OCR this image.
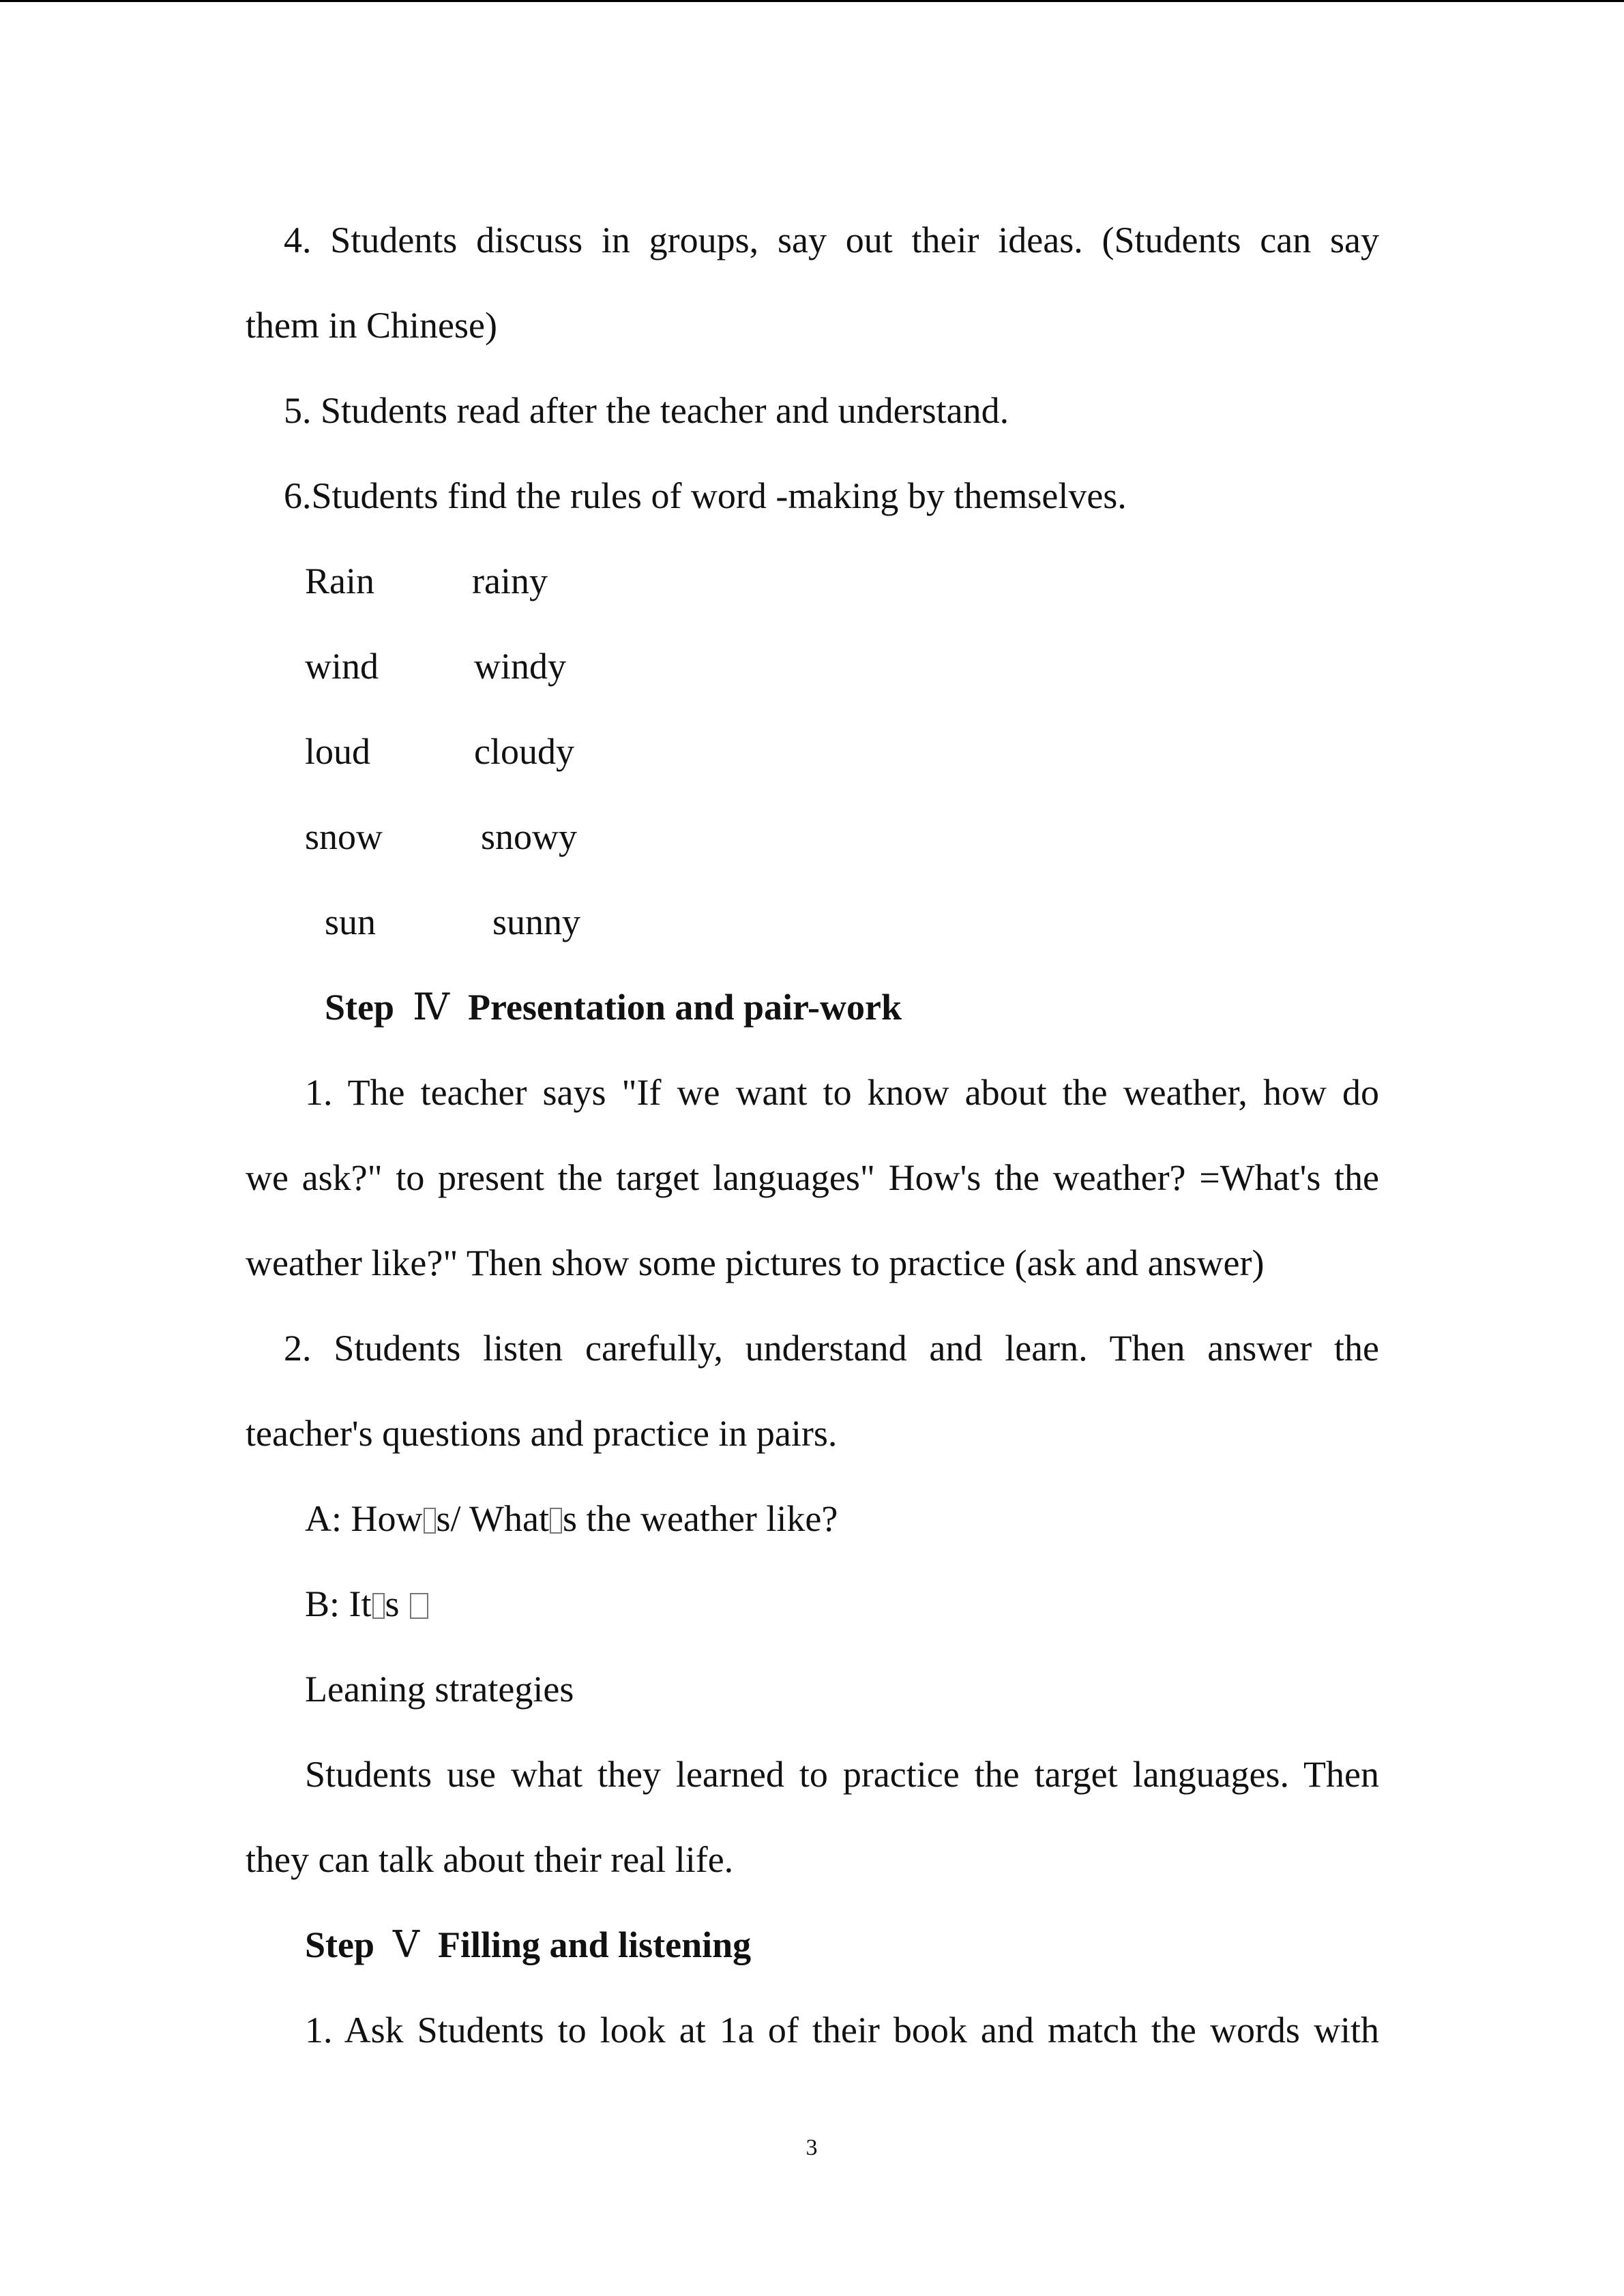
4. Students discuss in groups, say out their ideas. (Students can say
them in Chinese)
5. Students read after the teacher and understand.
6.Students find the rules of word -making by themselves.
Rain	rainy
wind	windy
loud	cloudy
snow	snowy
sun	sunny
Step Ⅳ Presentation and pair-work
1. The teacher says "If we want to know about the weather, how do
we ask?" to present the target languages" How's the weather? =What's the
weather like?" Then show some pictures to practice (ask and answer)
2. Students listen carefully, understand and learn. Then answer the
teacher's questions and practice in pairs.
A: How s/ What s the weather like?
B: It s
Leaning strategies
Students use what they learned to practice the target languages. Then
they can talk about their real life.
Step Ⅴ Filling and listening
1. Ask Students to look at 1a of their book and match the words with
3
